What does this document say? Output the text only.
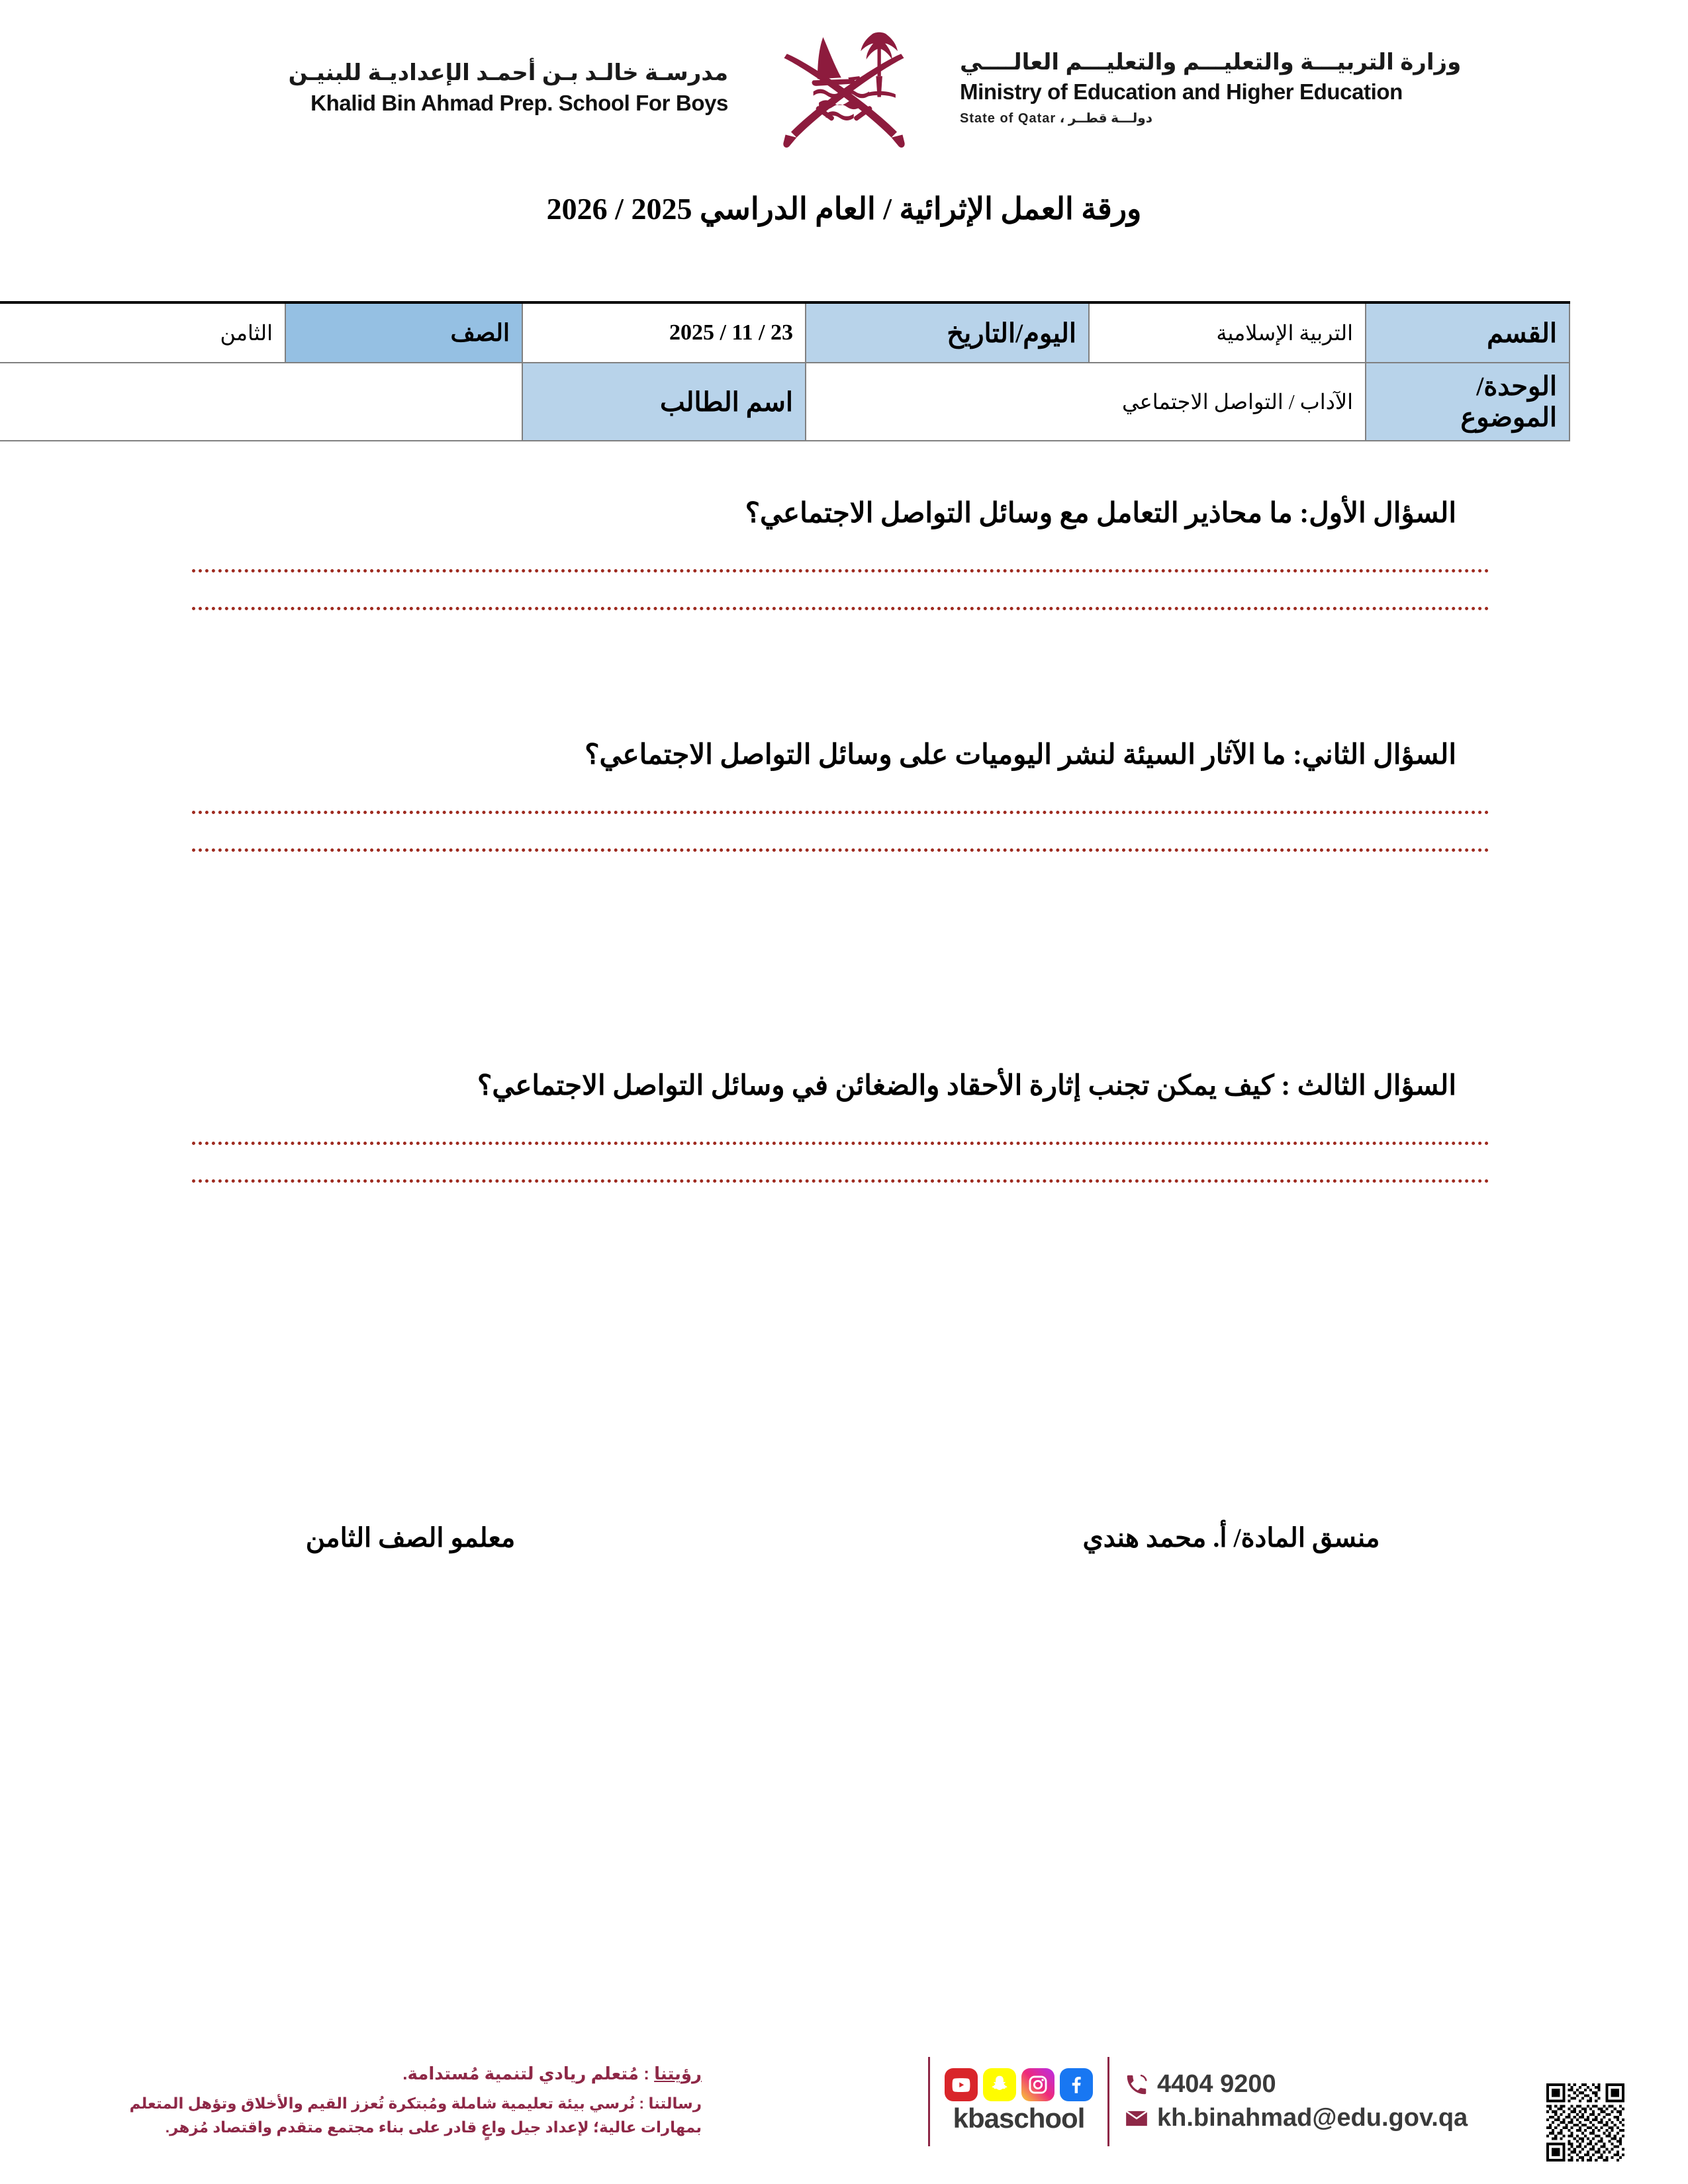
مدرسـة خالـد بـن أحمـد الإعداديـة للبنيـن
Khalid Bin Ahmad Prep. School For Boys
وزارة التربيـــة والتعليـــم والتعليـــم العالــــي
Ministry of Education and Higher Education
دولـــة قطــر ، State of Qatar
ورقة العمل الإثرائية / العام الدراسي 2025 / 2026
القسم	التربية الإسلامية	اليوم/التاريخ	2025 / 11 / 23	الصف	الثامن
الوحدة/ الموضوع	الآداب / التواصل الاجتماعي		اسم الطالب		
السؤال الأول: ما محاذير التعامل مع وسائل التواصل الاجتماعي؟
السؤال الثاني: ما الآثار السيئة لنشر اليوميات على وسائل التواصل الاجتماعي؟
السؤال الثالث : كيف يمكن تجنب إثارة الأحقاد والضغائن في وسائل التواصل الاجتماعي؟
معلمو الصف الثامن	منسق المادة/ أ. محمد هندي
رؤيتنا : مُتعلم ريادي لتنمية مُستدامة.
رسالتنا : نُرسي بيئة تعليمية شاملة ومُبتكرة تُعزز القيم والأخلاق وتؤهل المتعلم
بمهارات عالية؛ لإعداد جيل واعٍ قادر على بناء مجتمع متقدم واقتصاد مُزهر.	kbaschool
4404 9200
kh.binahmad@edu.gov.qa
